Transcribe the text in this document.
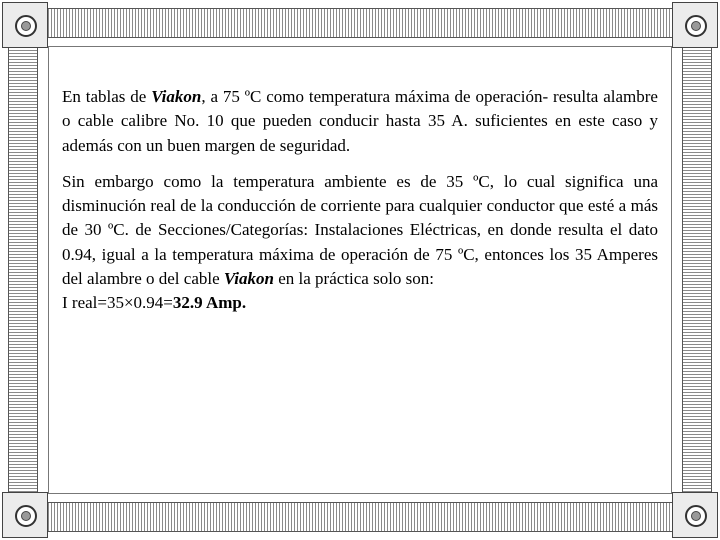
En tablas de Viakon, a 75 ºC como temperatura máxima de operación- resulta alambre o cable calibre No. 10 que pueden conducir hasta 35 A. suficientes en este caso y además con un buen margen de seguridad.

Sin embargo como la temperatura ambiente es de 35 ºC, lo cual significa una disminución real de la conducción de corriente para cualquier conductor que esté a más de 30 ºC. de Secciones/Categorías: Instalaciones Eléctricas, en donde resulta el dato 0.94, igual a la temperatura máxima de operación de 75 ºC, entonces los 35 Amperes del alambre o del cable Viakon en la práctica solo son:
I real=35×0.94=32.9 Amp.
